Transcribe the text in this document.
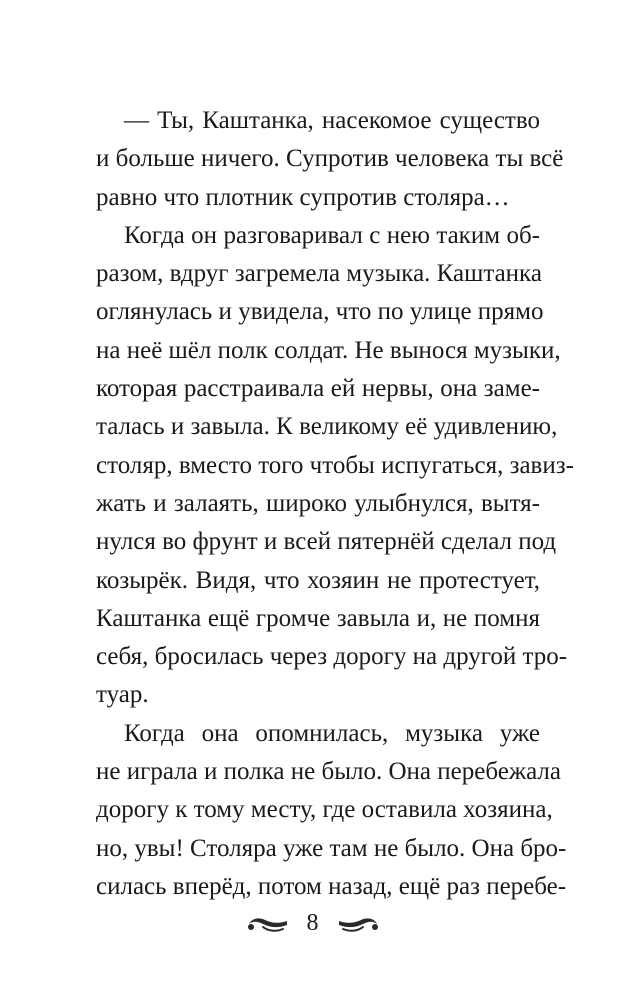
— Ты, Каштанка, насекомое существо
и больше ничего. Супротив человека ты всё
равно что плотник супротив столяра…
Когда он разговаривал с нею таким об-
разом, вдруг загремела музыка. Каштанка
оглянулась и увидела, что по улице прямо
на неё шёл полк солдат. Не вынося музыки,
которая расстраивала ей нервы, она заме-
талась и завыла. К великому её удивлению,
столяр, вместо того чтобы испугаться, завиз-
жать и залаять, широко улыбнулся, вытя-
нулся во фрунт и всей пятернёй сделал под
козырёк. Видя, что хозяин не протестует,
Каштанка ещё громче завыла и, не помня
себя, бросилась через дорогу на другой тро-
туар.
Когда она опомнилась, музыка уже
не играла и полка не было. Она перебежала
дорогу к тому месту, где оставила хозяина,
но, увы! Столяра уже там не было. Она бро-
силась вперёд, потом назад, ещё раз перебе-
8
